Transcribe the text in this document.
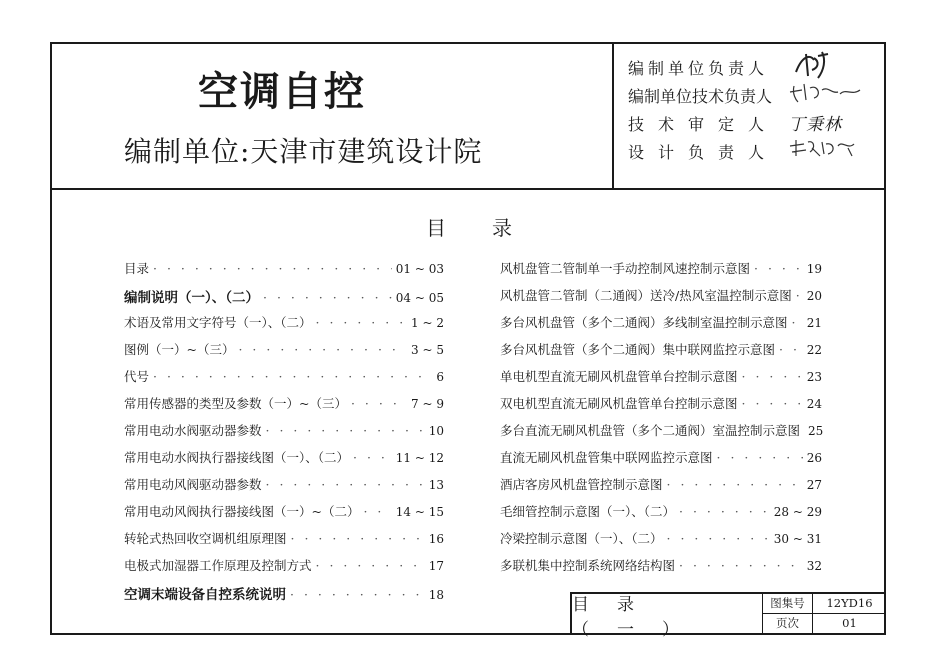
空调自控
编制单位:天津市建筑设计院
编制单位负责人
编制单位技术负责人
技术审定人 丁秉林
设计负责人
目 录
目录 · · ·	01 ~ 03
编制说明（一）、（二） · · ·	04 ~ 05
术语及常用文字符号（一）、（二） · · ·	1 ~ 2
图例（一）~（三） · · ·	3 ~ 5
代号 · · ·	6
常用传感器的类型及参数（一）~（三） · · ·	7 ~ 9
常用电动水阀驱动器参数 · · ·	10
常用电动水阀执行器接线图（一）、（二） · · ·	11 ~ 12
常用电动风阀驱动器参数 · · ·	13
常用电动风阀执行器接线图（一）~（二） · · ·	14 ~ 15
转轮式热回收空调机组原理图 · · ·	16
电极式加湿器工作原理及控制方式 · · ·	17
空调末端设备自控系统说明 · · ·	18
风机盘管二管制单一手动控制风速控制示意图 · · ·	19
风机盘管二管制（二通阀）送冷/热风室温控制示意图 · · · 20
多台风机盘管（多个二通阀）多线制室温控制示意图 · · · 21
多台风机盘管（多个二通阀）集中联网监控示意图 · · ·	22
单电机型直流无刷风机盘管单台控制示意图 · · ·	23
双电机型直流无刷风机盘管单台控制示意图 · · ·	24
多台直流无刷风机盘管（多个二通阀）室温控制示意图 25
直流无刷风机盘管集中联网监控示意图 · · ·	26
酒店客房风机盘管控制示意图 · · ·	27
毛细管控制示意图（一）、（二） · · ·	28 ~ 29
冷梁控制示意图（一）、（二） · · ·	30 ~ 31
多联机集中控制系统网络结构图 · · ·	32
目录（一）
图集号	12YD16
页次	01
